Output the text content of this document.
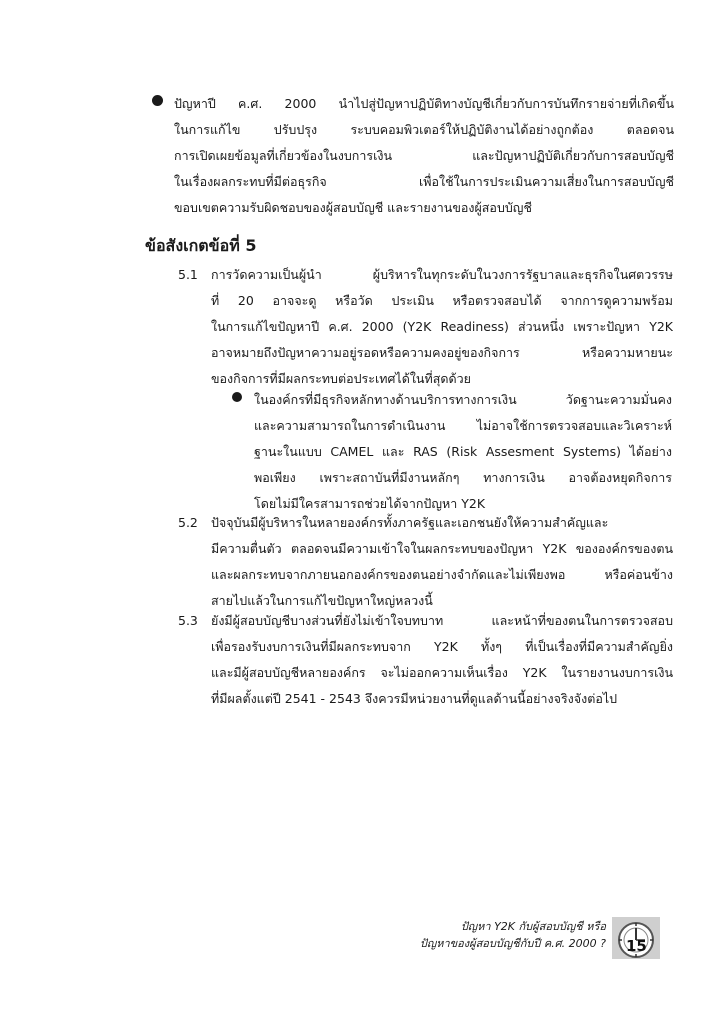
ปัญหาปี ค.ศ. 2000 นำไปสู่ปัญหาปฏิบัติทางบัญชีเกี่ยวกับการบันทึกรายจ่ายที่เกิดขึ้น
ในการแก้ไข ปรับปรุง ระบบคอมพิวเตอร์ให้ปฏิบัติงานได้อย่างถูกต้อง ตลอดจน
การเปิดเผยข้อมูลที่เกี่ยวข้องในงบการเงิน และปัญหาปฏิบัติเกี่ยวกับการสอบบัญชี
ในเรื่องผลกระทบที่มีต่อธุรกิจ เพื่อใช้ในการประเมินความเสี่ยงในการสอบบัญชี
ขอบเขตความรับผิดชอบของผู้สอบบัญชี และรายงานของผู้สอบบัญชี
ข้อสังเกตข้อที่ 5
5.1 การวัดความเป็นผู้นำ ผู้บริหารในทุกระดับในวงการรัฐบาลและธุรกิจในศตวรรษ
ที่ 20 อาจจะดู หรือวัด ประเมิน หรือตรวจสอบได้ จากการดูความพร้อม
ในการแก้ไขปัญหาปี ค.ศ. 2000 (Y2K Readiness) ส่วนหนึ่ง เพราะปัญหา Y2K
อาจหมายถึงปัญหาความอยู่รอดหรือความคงอยู่ของกิจการ หรือความหายนะ
ของกิจการที่มีผลกระทบต่อประเทศได้ในที่สุดด้วย
ในองค์กรที่มีธุรกิจหลักทางด้านบริการทางการเงิน วัดฐานะความมั่นคง
และความสามารถในการดำเนินงาน ไม่อาจใช้การตรวจสอบและวิเคราะห์
ฐานะในแบบ CAMEL และ RAS (Risk Assesment Systems) ได้อย่าง
พอเพียง เพราะสถาบันที่มีงานหลักๆ ทางการเงิน อาจต้องหยุดกิจการ
โดยไม่มีใครสามารถช่วยได้จากปัญหา Y2K
5.2 ปัจจุบันมีผู้บริหารในหลายองค์กรทั้งภาครัฐและเอกชนยังให้ความสำคัญและ
มีความตื่นตัว ตลอดจนมีความเข้าใจในผลกระทบของปัญหา Y2K ขององค์กรของตน
และผลกระทบจากภายนอกองค์กรของตนอย่างจำกัดและไม่เพียงพอ หรือค่อนข้าง
สายไปแล้วในการแก้ไขปัญหาใหญ่หลวงนี้
5.3 ยังมีผู้สอบบัญชีบางส่วนที่ยังไม่เข้าใจบทบาท และหน้าที่ของตนในการตรวจสอบ
เพื่อรองรับงบการเงินที่มีผลกระทบจาก Y2K ทั้งๆ ที่เป็นเรื่องที่มีความสำคัญยิ่ง
และมีผู้สอบบัญชีหลายองค์กร จะไม่ออกความเห็นเรื่อง Y2K ในรายงานงบการเงิน
ที่มีผลตั้งแต่ปี 2541 - 2543 จึงควรมีหน่วยงานที่ดูแลด้านนี้อย่างจริงจังต่อไป
ปัญหา Y2K กับผู้สอบบัญชี หรือ
ปัญหาของผู้สอบบัญชีกับปี ค.ศ. 2000 ? 15
